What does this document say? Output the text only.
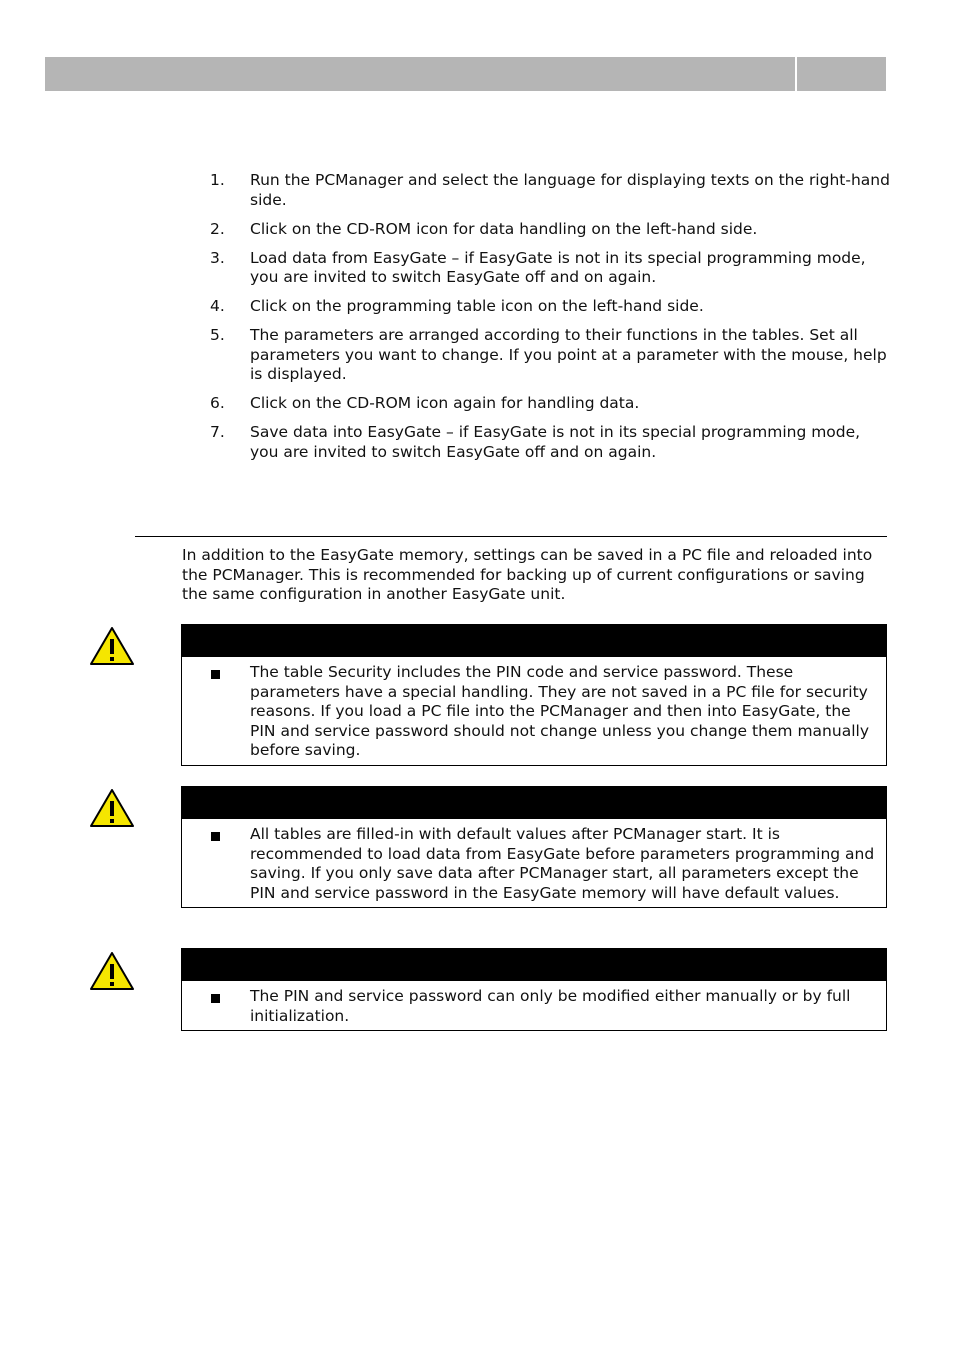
1. Run the PCManager and select the language for displaying texts on the right-hand side.
2. Click on the CD-ROM icon for data handling on the left-hand side.
3. Load data from EasyGate – if EasyGate is not in its special programming mode, you are invited to switch EasyGate off and on again.
4. Click on the programming table icon on the left-hand side.
5. The parameters are arranged according to their functions in the tables. Set all parameters you want to change. If you point at a parameter with the mouse, help is displayed.
6. Click on the CD-ROM icon again for handling data.
7. Save data into EasyGate – if EasyGate is not in its special programming mode, you are invited to switch EasyGate off and on again.

In addition to the EasyGate memory, settings can be saved in a PC file and reloaded into the PCManager. This is recommended for backing up of current configurations or saving the same configuration in another EasyGate unit.

The table Security includes the PIN code and service password. These parameters have a special handling. They are not saved in a PC file for security reasons. If you load a PC file into the PCManager and then into EasyGate, the PIN and service password should not change unless you change them manually before saving.
All tables are filled-in with default values after PCManager start. It is recommended to load data from EasyGate before parameters programming and saving. If you only save data after PCManager start, all parameters except the PIN and service password in the EasyGate memory will have default values.
The PIN and service password can only be modified either manually or by full initialization.
